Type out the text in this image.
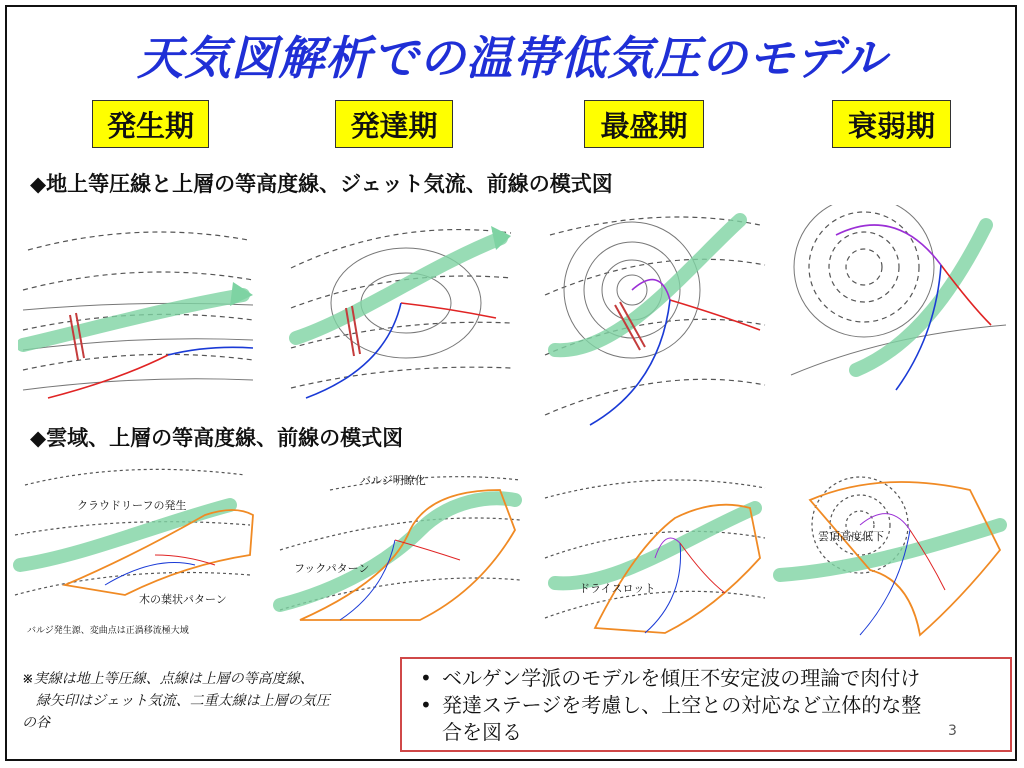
天気図解析での温帯低気圧のモデル
発生期	発達期	最盛期	衰弱期
◆地上等圧線と上層の等高度線、ジェット気流、前線の模式図
◆雲域、上層の等高度線、前線の模式図
クラウドリーフの発生
木の葉状パターン
バルジ発生源、変曲点は正渦移流極大域
バルジ明瞭化
フックパターン
ドライスロット
雲頂高度低下
※実線は地上等圧線、点線は上層の等高度線、
　緑矢印はジェット気流、二重太線は上層の気圧
の谷
• ベルゲン学派のモデルを傾圧不安定波の理論で肉付け
• 発達ステージを考慮し、上空との対応など立体的な整
合を図る	3
